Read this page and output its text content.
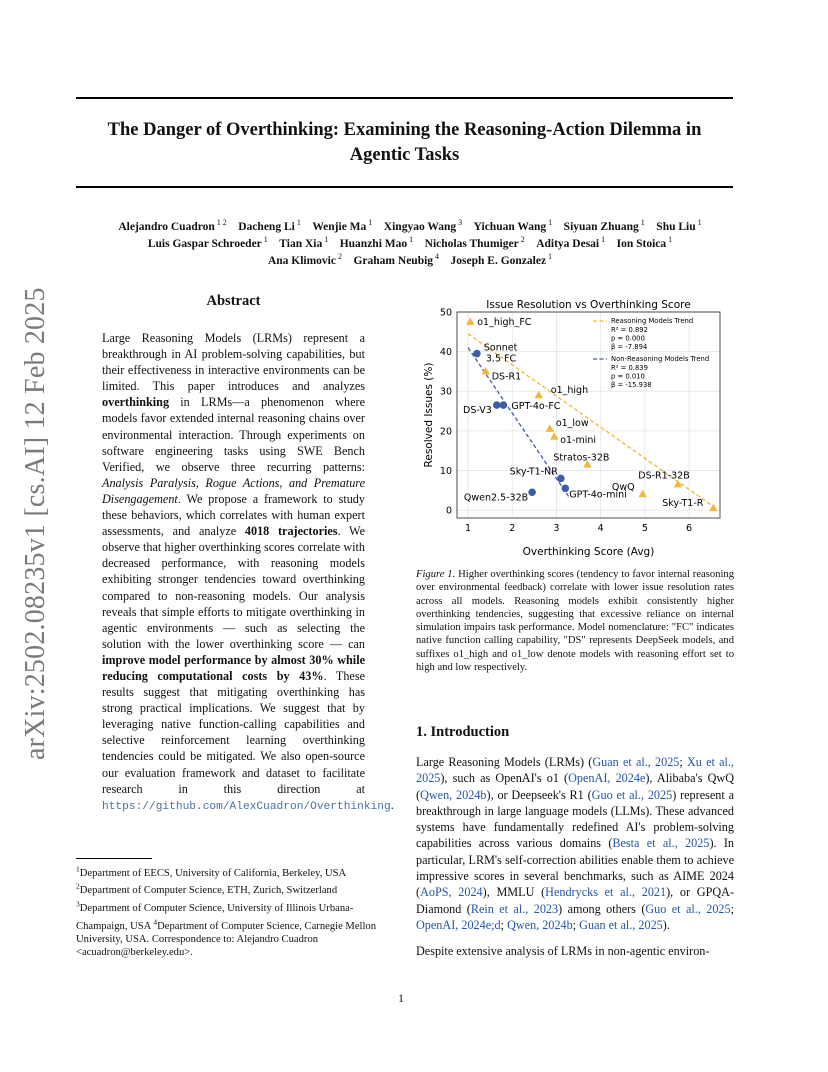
The Danger of Overthinking: Examining the Reasoning-Action Dilemma in
Agentic Tasks
Alejandro Cuadron $^{1 2}$   Dacheng Li $^1$   Wenjie Ma $^1$   Xingyao Wang $^3$   Yichuan Wang $^1$   Siyuan Zhuang $^1$   Shu Liu $^1$
Luis Gaspar Schroeder $^1$   Tian Xia $^1$   Huanzhi Mao $^1$   Nicholas Thumiger $^2$   Aditya Desai $^1$   Ion Stoica $^1$
Ana Klimovic $^2$   Graham Neubig $^4$   Joseph E. Gonzalez $^1$
arXiv:2502.08235v1 [cs.AI] 12 Feb 2025	Abstract
Large Reasoning Models (LRMs) represent a breakthrough in AI problem-solving capabilities, but their effectiveness in interactive environments can be limited. This paper introduces and analyzes overthinking in LRMs—a phenomenon where models favor extended internal reasoning chains over environmental interaction. Through experiments on software engineering tasks using SWE Bench Verified, we observe three recurring patterns: Analysis Paralysis, Rogue Actions, and Premature Disengagement. We propose a framework to study these behaviors, which correlates with human expert assessments, and analyze 4018 trajectories. We observe that higher overthinking scores correlate with decreased performance, with reasoning models exhibiting stronger tendencies toward overthinking compared to non-reasoning models. Our analysis reveals that simple efforts to mitigate overthinking in agentic environments — such as selecting the solution with the lower overthinking score — can improve model performance by almost 30% while reducing computational costs by 43%. These results suggest that mitigating overthinking has strong practical implications. We suggest that by leveraging native function-calling capabilities and selective reinforcement learning overthinking tendencies could be mitigated. We also open-source our evaluation framework and dataset to facilitate research in this direction at https://github.com/AlexCuadron/Overthinking.
$^1$Department of EECS, University of California, Berkeley, USA
$^2$Department of Computer Science, ETH, Zurich, Switzerland
$^3$Department of Computer Science, University of Illinois Urbana-Champaign, USA $^4$Department of Computer Science, Carnegie Mellon University, USA. Correspondence to: Alejandro Cuadron <acuadron@berkeley.edu>.
Issue Resolution vs Overthinking Score
1	2	3	4	5	6
0
10
20
30
40
50
Overthinking Score (Avg)
Resolved Issues (%)
o1_high_FC
DS-R1
o1_high
o1_low
o1-mini
Stratos-32B
QwQ
DS-R1-32B
Sky-T1-R
Sonnet
3.5 FC
DS-V3 GPT-4o-FC
Sky-T1-NR
GPT-4o-mini
Qwen2.5-32B
Reasoning Models Trend
R² = 0.892
p = 0.000
β = -7.894
Non-Reasoning Models Trend
R² = 0.839
p = 0.010
β = -15.938
Figure 1. Higher overthinking scores (tendency to favor internal reasoning over environmental feedback) correlate with lower issue resolution rates across all models. Reasoning models exhibit consistently higher overthinking tendencies, suggesting that excessive reliance on internal simulation impairs task performance. Model nomenclature: "FC" indicates native function calling capability, "DS" represents DeepSeek models, and suffixes o1_high and o1_low denote models with reasoning effort set to high and low respectively.
1. Introduction
Large Reasoning Models (LRMs) (Guan et al., 2025; Xu et al., 2025), such as OpenAI's o1 (OpenAI, 2024e), Alibaba's QwQ (Qwen, 2024b), or Deepseek's R1 (Guo et al., 2025) represent a breakthrough in large language models (LLMs). These advanced systems have fundamentally redefined AI's problem-solving capabilities across various domains (Besta et al., 2025). In particular, LRM's self-correction abilities enable them to achieve impressive scores in several benchmarks, such as AIME 2024 (AoPS, 2024), MMLU (Hendrycks et al., 2021), or GPQA-Diamond (Rein et al., 2023) among others (Guo et al., 2025; OpenAI, 2024e;d; Qwen, 2024b; Guan et al., 2025).
Despite extensive analysis of LRMs in non-agentic environ-
1
